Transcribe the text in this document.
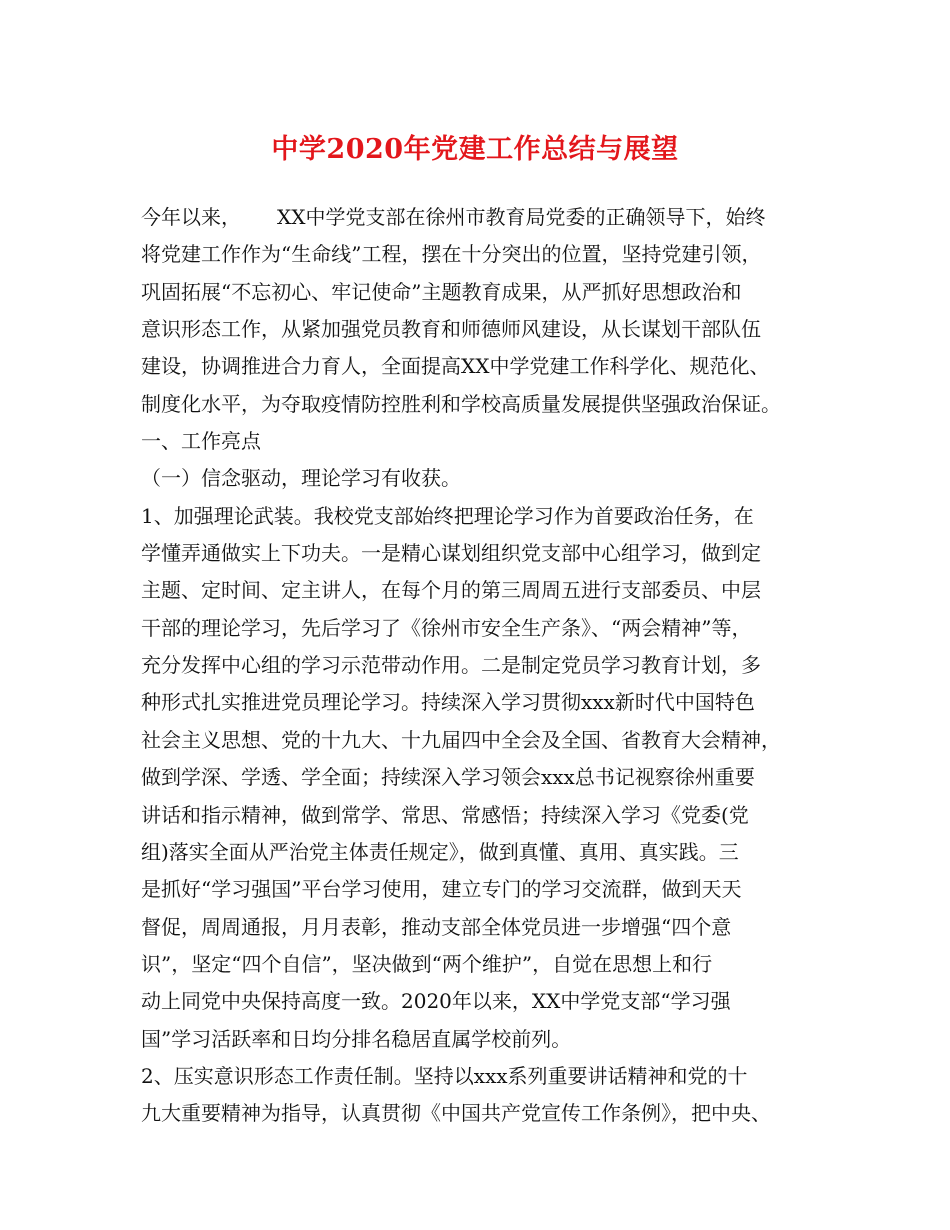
中学2020年党建工作总结与展望
今年以来， XX中学党支部在徐州市教育局党委的正确领导下，始终
将党建工作作为“生命线”工程，摆在十分突出的位置，坚持党建引领，
巩固拓展“不忘初心、牢记使命”主题教育成果，从严抓好思想政治和
意识形态工作，从紧加强党员教育和师德师风建设，从长谋划干部队伍
建设，协调推进合力育人，全面提高XX中学党建工作科学化、规范化、
制度化水平，为夺取疫情防控胜利和学校高质量发展提供坚强政治保证。
一、工作亮点
（一）信念驱动，理论学习有收获。
1、加强理论武装。我校党支部始终把理论学习作为首要政治任务，在
学懂弄通做实上下功夫。一是精心谋划组织党支部中心组学习，做到定
主题、定时间、定主讲人，在每个月的第三周周五进行支部委员、中层
干部的理论学习，先后学习了《徐州市安全生产条》、“两会精神”等，
充分发挥中心组的学习示范带动作用。二是制定党员学习教育计划，多
种形式扎实推进党员理论学习。持续深入学习贯彻xxx新时代中国特色
社会主义思想、党的十九大、十九届四中全会及全国、省教育大会精神，
做到学深、学透、学全面；持续深入学习领会xxx总书记视察徐州重要
讲话和指示精神，做到常学、常思、常感悟；持续深入学习《党委(党
组)落实全面从严治党主体责任规定》，做到真懂、真用、真实践。三
是抓好“学习强国”平台学习使用，建立专门的学习交流群，做到天天
督促，周周通报，月月表彰，推动支部全体党员进一步增强“四个意
识”，坚定“四个自信”，坚决做到“两个维护”，自觉在思想上和行
动上同党中央保持高度一致。2020年以来，XX中学党支部“学习强
国”学习活跃率和日均分排名稳居直属学校前列。
2、压实意识形态工作责任制。坚持以xxx系列重要讲话精神和党的十
九大重要精神为指导，认真贯彻《中国共产党宣传工作条例》，把中央、
